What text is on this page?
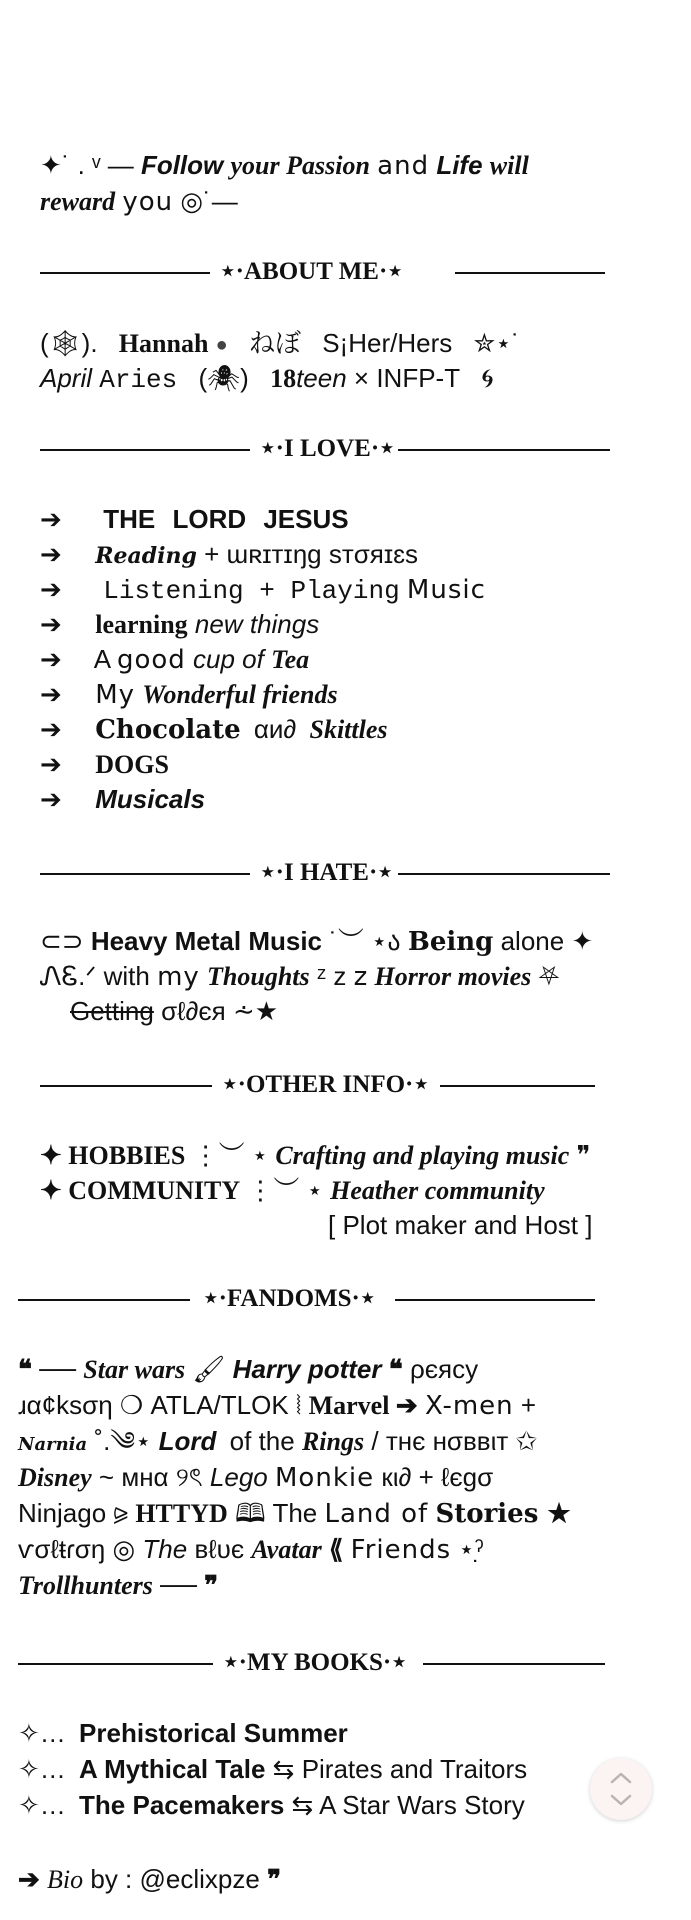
✦˙ . ᵛ — Follow your Passion and Life will
reward you ◎˙—
⋆·ABOUT ME·⋆
(🕸). Hannah ● ねぼ S¡Her/Hers ✮⋆˙
April Aries (🕷) 18teen × INFP-T 🌀︎
⋆·I LOVE·⋆
➔ THE LORD JESUS
➔ Reading + ɯʀɪᴛɪŋɡ sᴛσяɪɛs
➔ Listening + Playing Music
➔ learning new things
➔ A good cup of Tea
➔ My Wonderful friends
➔ Chocolate αи∂ Skittles
➔ DOGS
➔ Musicals
⋆·I HATE·⋆
⊂⊃ Heavy Metal Music ˙︶ ⋆ა Being alone ✦
ᏁᏋ.ᐟ with my Thoughts ᶻ z 𝗓 Horror movies ⛧
Getting σℓ∂єя ⩪★
⋆·OTHER INFO·⋆
✦ HOBBIES ⋮︶ ⋆ Crafting and playing music ❞
✦ COMMUNITY ⋮︶ ⋆ Heather community
[ Plot maker and Host ]
⋆·FANDOMS·⋆
❝ ── Star wars 🖌 Harry potter ❝ ρєяϲу
ɹα¢ksση ❍ ATLA/TLOK ⦚ Marvel ➔ X-men +
Narnia ˚.༄⋆ Lord of the Rings / тнє нσввιт ✩
Disney ~ мнα ୨ৎ Lego Monkie кι∂ + ℓєgσ
Ninjago ⪩ HTTYD 🕮 The Land of Stories ★
ѵσℓŧɾσŋ ◎ The вℓυє Avatar ⟪ Friends ⋆ˀ̣
Trollhunters ── ❞
⋆·MY BOOKS·⋆
✧… Prehistorical Summer
✧… A Mythical Tale ⇆ Pirates and Traitors
✧… The Pacemakers ⇆ A Star Wars Story
➔ Bio by : @eclixpze ❞
